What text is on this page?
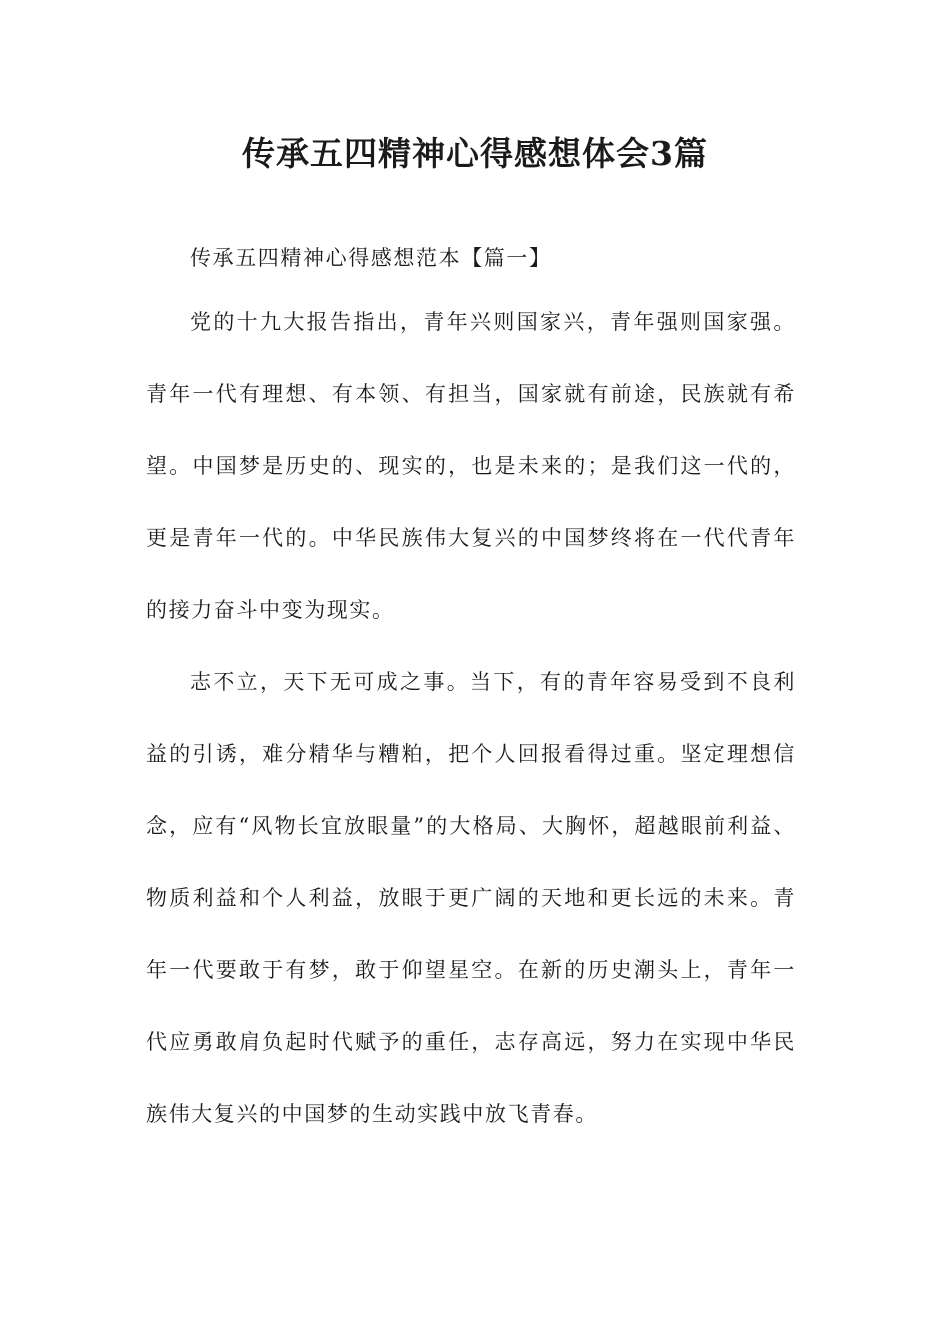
传承五四精神心得感想体会3篇

传承五四精神心得感想范本【篇一】

党的十九大报告指出，青年兴则国家兴，青年强则国家强。青年一代有理想、有本领、有担当，国家就有前途，民族就有希望。中国梦是历史的、现实的，也是未来的；是我们这一代的，更是青年一代的。中华民族伟大复兴的中国梦终将在一代代青年的接力奋斗中变为现实。

志不立，天下无可成之事。当下，有的青年容易受到不良利益的引诱，难分精华与糟粕，把个人回报看得过重。坚定理想信念，应有“风物长宜放眼量”的大格局、大胸怀，超越眼前利益、物质利益和个人利益，放眼于更广阔的天地和更长远的未来。青年一代要敢于有梦，敢于仰望星空。在新的历史潮头上，青年一代应勇敢肩负起时代赋予的重任，志存高远，努力在实现中华民族伟大复兴的中国梦的生动实践中放飞青春。
